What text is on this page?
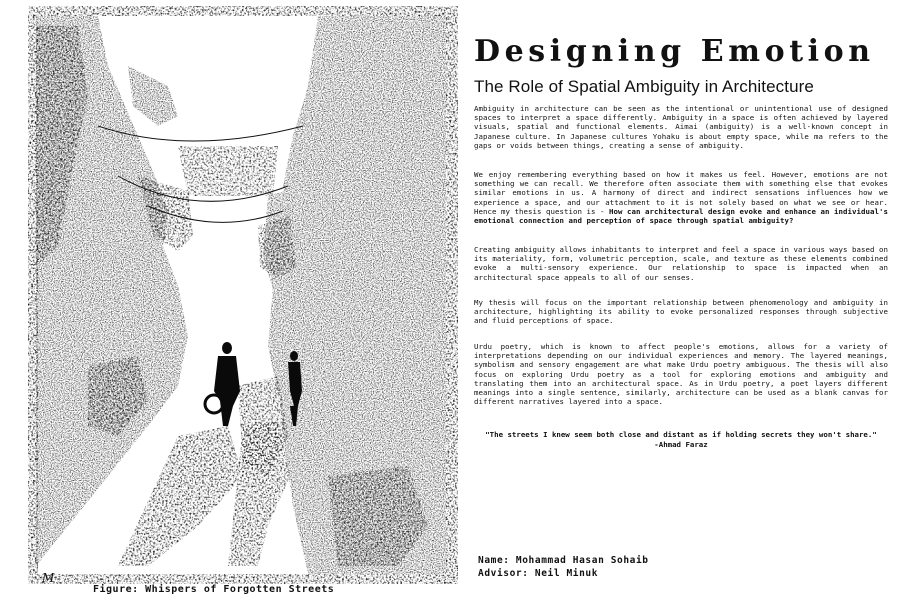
M
Figure: Whispers of Forgotten Streets
Designing Emotion
The Role of Spatial Ambiguity in Architecture

Ambiguity in architecture can be seen as the intentional or unintentional use of designed spaces to interpret a space differently. Ambiguity in a space is often achieved by layered visuals, spatial and functional elements. Aimai (ambiguity) is a well-known concept in Japanese culture. In Japanese cultures Yohaku is about empty space, while ma refers to the gaps or voids between things, creating a sense of ambiguity.

We enjoy remembering everything based on how it makes us feel. However, emotions are not something we can recall. We therefore often associate them with something else that evokes similar emotions in us. A harmony of direct and indirect sensations influences how we experience a space, and our attachment to it is not solely based on what we see or hear. Hence my thesis question is - How can architectural design evoke and enhance an individual's emotional connection and perception of space through spatial ambiguity?

Creating ambiguity allows inhabitants to interpret and feel a space in various ways based on its materiality, form, volumetric perception, scale, and texture as these elements combined evoke a multi-sensory experience. Our relationship to space is impacted when an architectural space appeals to all of our senses.

My thesis will focus on the important relationship between phenomenology and ambiguity in architecture, highlighting its ability to evoke personalized responses through subjective and fluid perceptions of space.

Urdu poetry, which is known to affect people's emotions, allows for a variety of interpretations depending on our individual experiences and memory. The layered meanings, symbolism and sensory engagement are what make Urdu poetry ambiguous. The thesis will also focus on exploring Urdu poetry as a tool for exploring emotions and ambiguity and translating them into an architectural space. As in Urdu poetry, a poet layers different meanings into a single sentence, similarly, architecture can be used as a blank canvas for different narratives layered into a space.

"The streets I knew seem both close and distant as if holding secrets they won't share."
-Ahmad Faraz
Name: Mohammad Hasan Sohaib
Advisor: Neil Minuk
